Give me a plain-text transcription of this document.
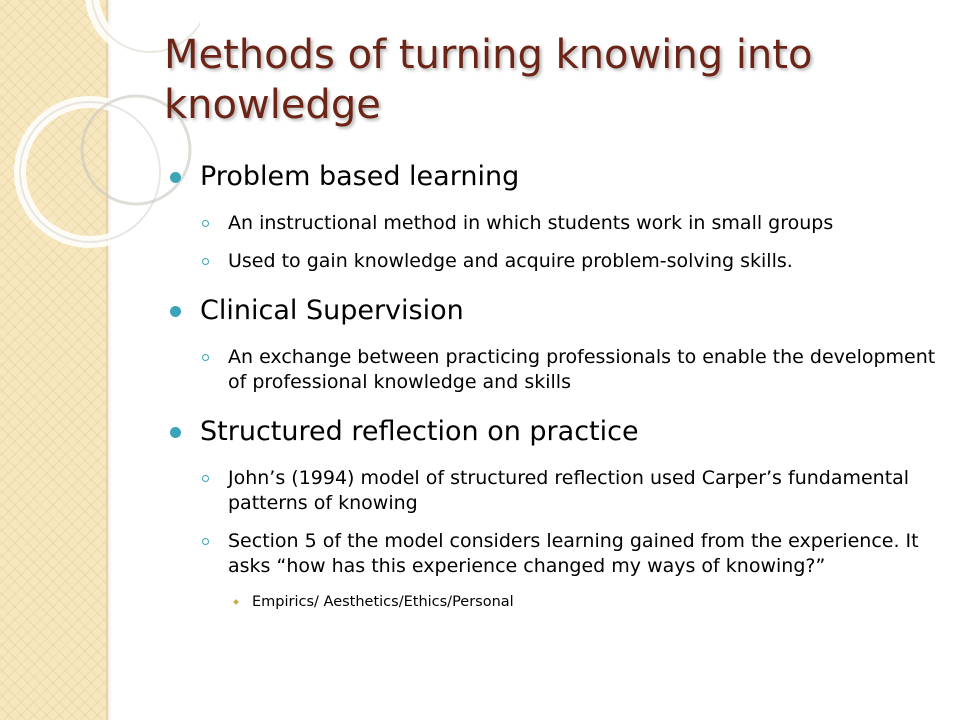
Methods of turning knowing into knowledge
Problem based learning
An instructional method in which students work in small groups
Used to gain knowledge and acquire problem-solving skills.
Clinical Supervision
An exchange between practicing professionals to enable the development of professional knowledge and skills
Structured reflection on practice
John’s (1994) model of structured reflection used Carper’s fundamental patterns of knowing
Section 5 of the model considers learning gained from the experience. It asks “how has this experience changed my ways of knowing?”
Empirics/ Aesthetics/Ethics/Personal
